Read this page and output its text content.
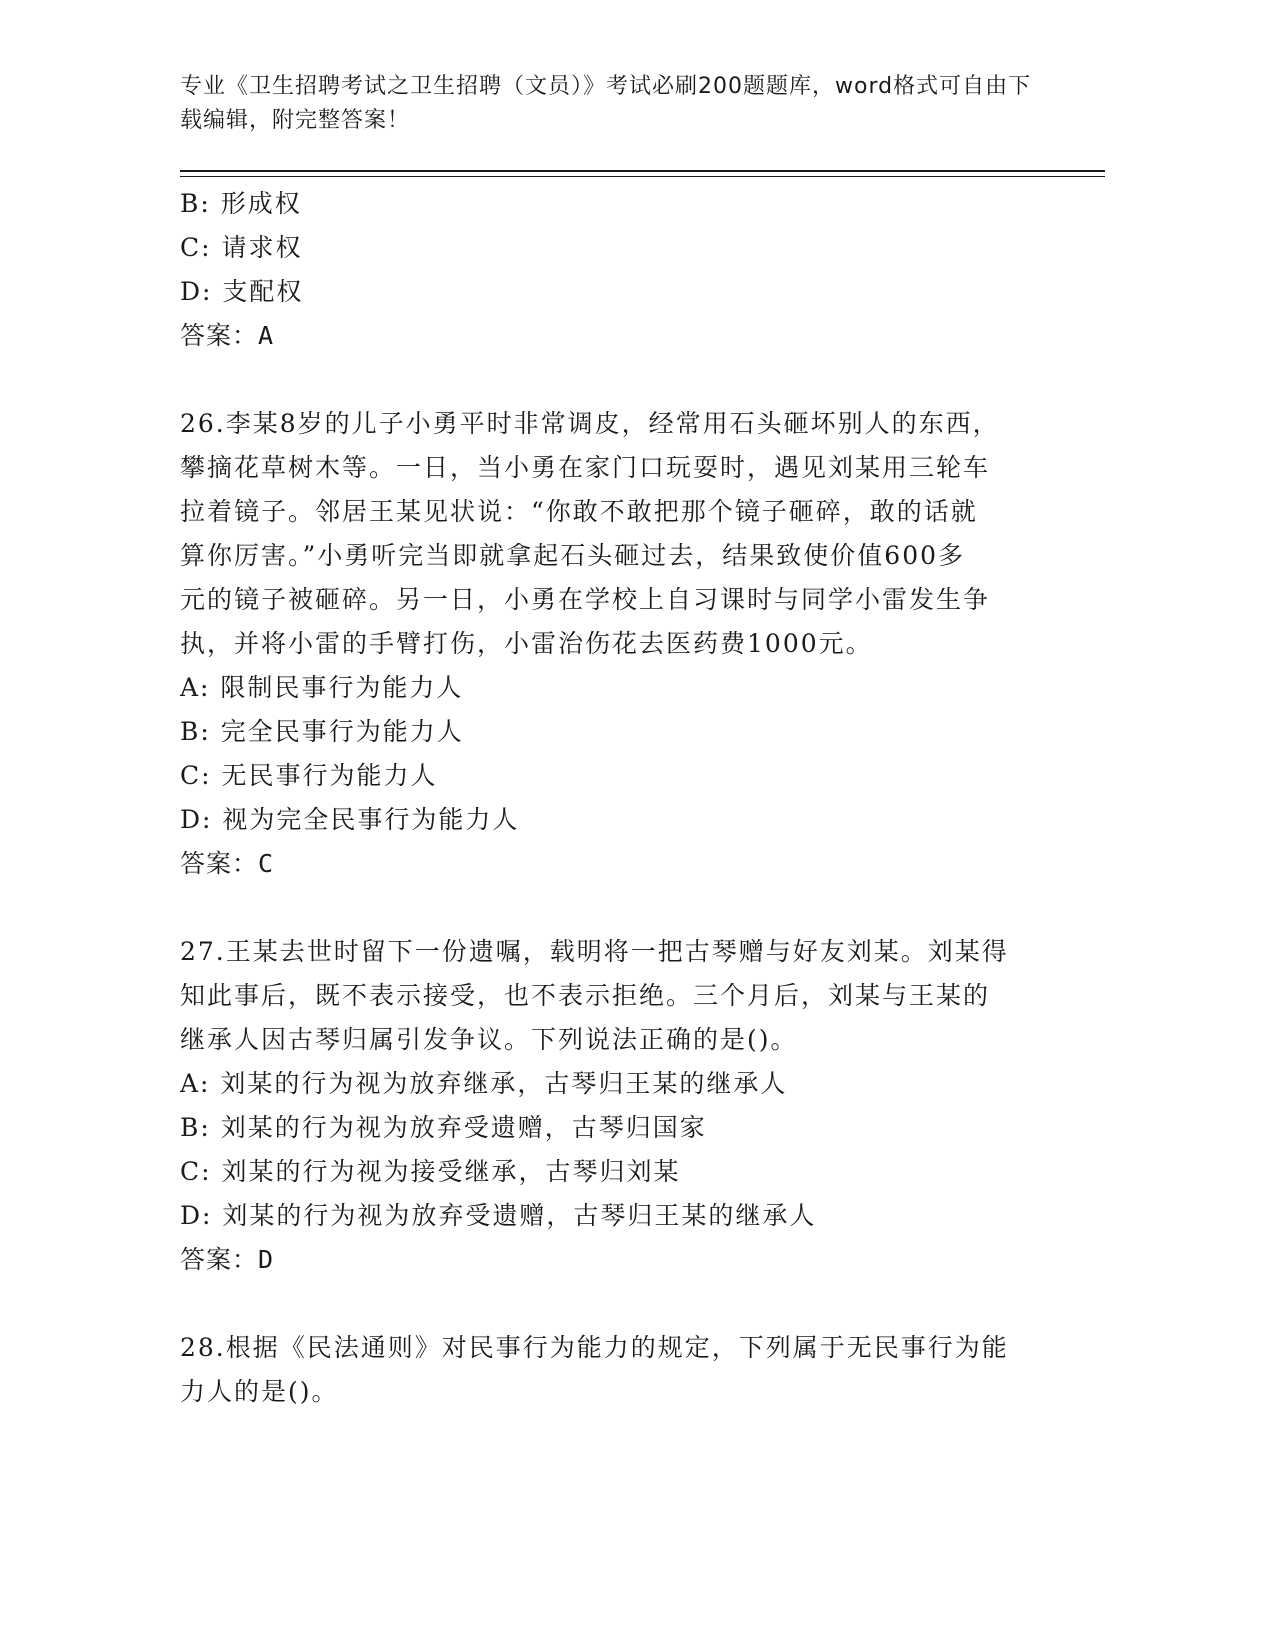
专业《卫生招聘考试之卫生招聘（文员）》考试必刷200题题库，word格式可自由下载编辑，附完整答案！
B: 形成权
C: 请求权
D: 支配权
答案：A
26.李某8岁的儿子小勇平时非常调皮，经常用石头砸坏别人的东西，
攀摘花草树木等。一日，当小勇在家门口玩耍时，遇见刘某用三轮车
拉着镜子。邻居王某见状说：“你敢不敢把那个镜子砸碎，敢的话就
算你厉害。”小勇听完当即就拿起石头砸过去，结果致使价值600多
元的镜子被砸碎。另一日，小勇在学校上自习课时与同学小雷发生争
执，并将小雷的手臂打伤，小雷治伤花去医药费1000元。
A: 限制民事行为能力人
B: 完全民事行为能力人
C: 无民事行为能力人
D: 视为完全民事行为能力人
答案：C
27.王某去世时留下一份遗嘱，载明将一把古琴赠与好友刘某。刘某得
知此事后，既不表示接受，也不表示拒绝。三个月后，刘某与王某的
继承人因古琴归属引发争议。下列说法正确的是()。
A: 刘某的行为视为放弃继承，古琴归王某的继承人
B: 刘某的行为视为放弃受遗赠，古琴归国家
C: 刘某的行为视为接受继承，古琴归刘某
D: 刘某的行为视为放弃受遗赠，古琴归王某的继承人
答案：D
28.根据《民法通则》对民事行为能力的规定，下列属于无民事行为能
力人的是()。
